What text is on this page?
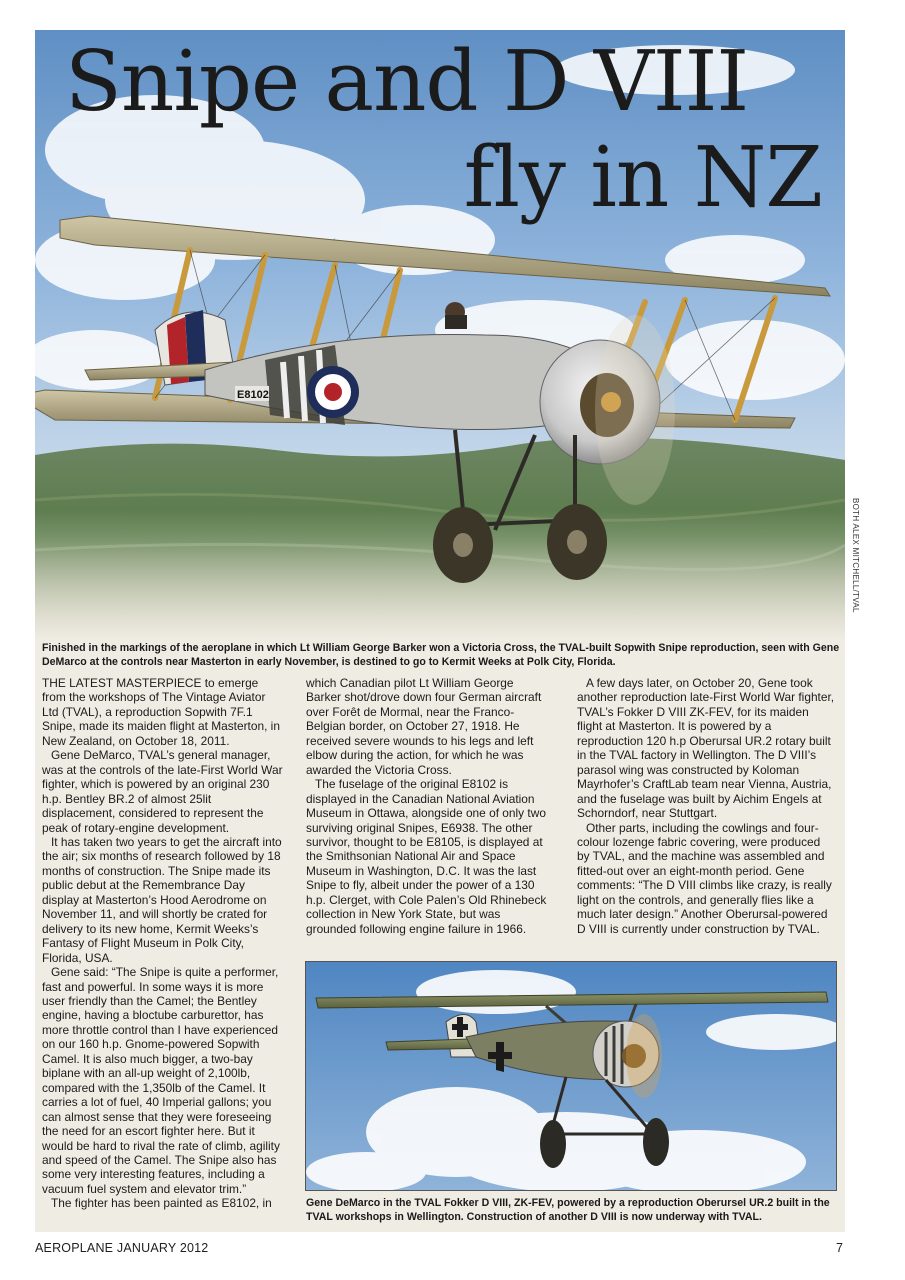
E8102
Snipe and D VIII
fly in NZ
BOTH ALEX MITCHELL/TVAL
Finished in the markings of the aeroplane in which Lt William George Barker won a Victoria Cross, the TVAL-built Sopwith Snipe reproduction, seen with Gene DeMarco at the controls near Masterton in early November, is destined to go to Kermit Weeks at Polk City, Florida.

THE LATEST MASTERPIECE to emerge from the workshops of The Vintage Aviator Ltd (TVAL), a reproduction Sopwith 7F.1 Snipe, made its maiden flight at Masterton, in New Zealand, on October 18, 2011.

Gene DeMarco, TVAL’s general manager, was at the controls of the late-First World War fighter, which is powered by an original 230 h.p. Bentley BR.2 of almost 25lit displacement, considered to represent the peak of rotary-engine development.

It has taken two years to get the aircraft into the air; six months of research followed by 18 months of construction. The Snipe made its public debut at the Remembrance Day display at Masterton’s Hood Aerodrome on November 11, and will shortly be crated for delivery to its new home, Kermit Weeks’s Fantasy of Flight Museum in Polk City, Florida, USA.

Gene said: “The Snipe is quite a performer, fast and powerful. In some ways it is more user friendly than the Camel; the Bentley engine, having a bloctube carburettor, has more throttle control than I have experienced on our 160 h.p. Gnome-powered Sopwith Camel. It is also much bigger, a two-bay biplane with an all-up weight of 2,100lb, compared with the 1,350lb of the Camel. It carries a lot of fuel, 40 Imperial gallons; you can almost sense that they were foreseeing the need for an escort fighter here. But it would be hard to rival the rate of climb, agility and speed of the Camel. The Snipe also has some very interesting features, including a vacuum fuel system and elevator trim.”

The fighter has been painted as E8102, in

which Canadian pilot Lt William George Barker shot/drove down four German aircraft over Forêt de Mormal, near the Franco-Belgian border, on October 27, 1918. He received severe wounds to his legs and left elbow during the action, for which he was awarded the Victoria Cross.

The fuselage of the original E8102 is displayed in the Canadian National Aviation Museum in Ottawa, alongside one of only two surviving original Snipes, E6938. The other survivor, thought to be E8105, is displayed at the Smithsonian National Air and Space Museum in Washington, D.C. It was the last Snipe to fly, albeit under the power of a 130 h.p. Clerget, with Cole Palen’s Old Rhinebeck collection in New York State, but was grounded following engine failure in 1966.

A few days later, on October 20, Gene took another reproduction late-First World War fighter, TVAL’s Fokker D VIII ZK-FEV, for its maiden flight at Masterton. It is powered by a reproduction 120 h.p Oberursal UR.2 rotary built in the TVAL factory in Wellington. The D VIII’s parasol wing was constructed by Koloman Mayrhofer’s CraftLab team near Vienna, Austria, and the fuselage was built by Aichim Engels at Schorndorf, near Stuttgart.

Other parts, including the cowlings and four-colour lozenge fabric covering, were produced by TVAL, and the machine was assembled and fitted-out over an eight-month period. Gene comments: “The D VIII climbs like crazy, is really light on the controls, and generally flies like a much later design.” Another Oberursal-powered D VIII is currently under construction by TVAL.

Gene DeMarco in the TVAL Fokker D VIII, ZK-FEV, powered by a reproduction Oberursel UR.2 built in the TVAL workshops in Wellington. Construction of another D VIII is now underway with TVAL.
AEROPLANE JANUARY 2012	7
